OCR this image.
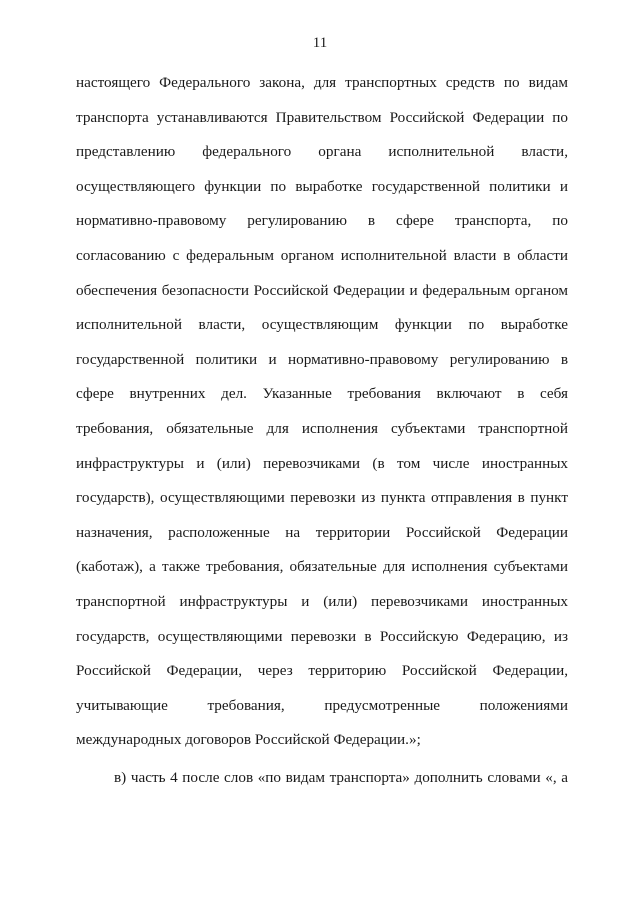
11
настоящего Федерального закона, для транспортных средств по видам
транспорта устанавливаются Правительством Российской Федерации по
представлению федерального органа исполнительной власти,
осуществляющего функции по выработке государственной политики и
нормативно-правовому регулированию в сфере транспорта, по
согласованию с федеральным органом исполнительной власти в области
обеспечения безопасности Российской Федерации и федеральным органом
исполнительной власти, осуществляющим функции по выработке
государственной политики и нормативно-правовому регулированию в
сфере внутренних дел. Указанные требования включают в себя
требования, обязательные для исполнения субъектами транспортной
инфраструктуры и (или) перевозчиками (в том числе иностранных
государств), осуществляющими перевозки из пункта отправления в пункт
назначения, расположенные на территории Российской Федерации
(каботаж), а также требования, обязательные для исполнения субъектами
транспортной инфраструктуры и (или) перевозчиками иностранных
государств, осуществляющими перевозки в Российскую Федерацию, из
Российской Федерации, через территорию Российской Федерации,
учитывающие требования, предусмотренные положениями
международных договоров Российской Федерации.»;
в) часть 4 после слов «по видам транспорта» дополнить словами «, а
